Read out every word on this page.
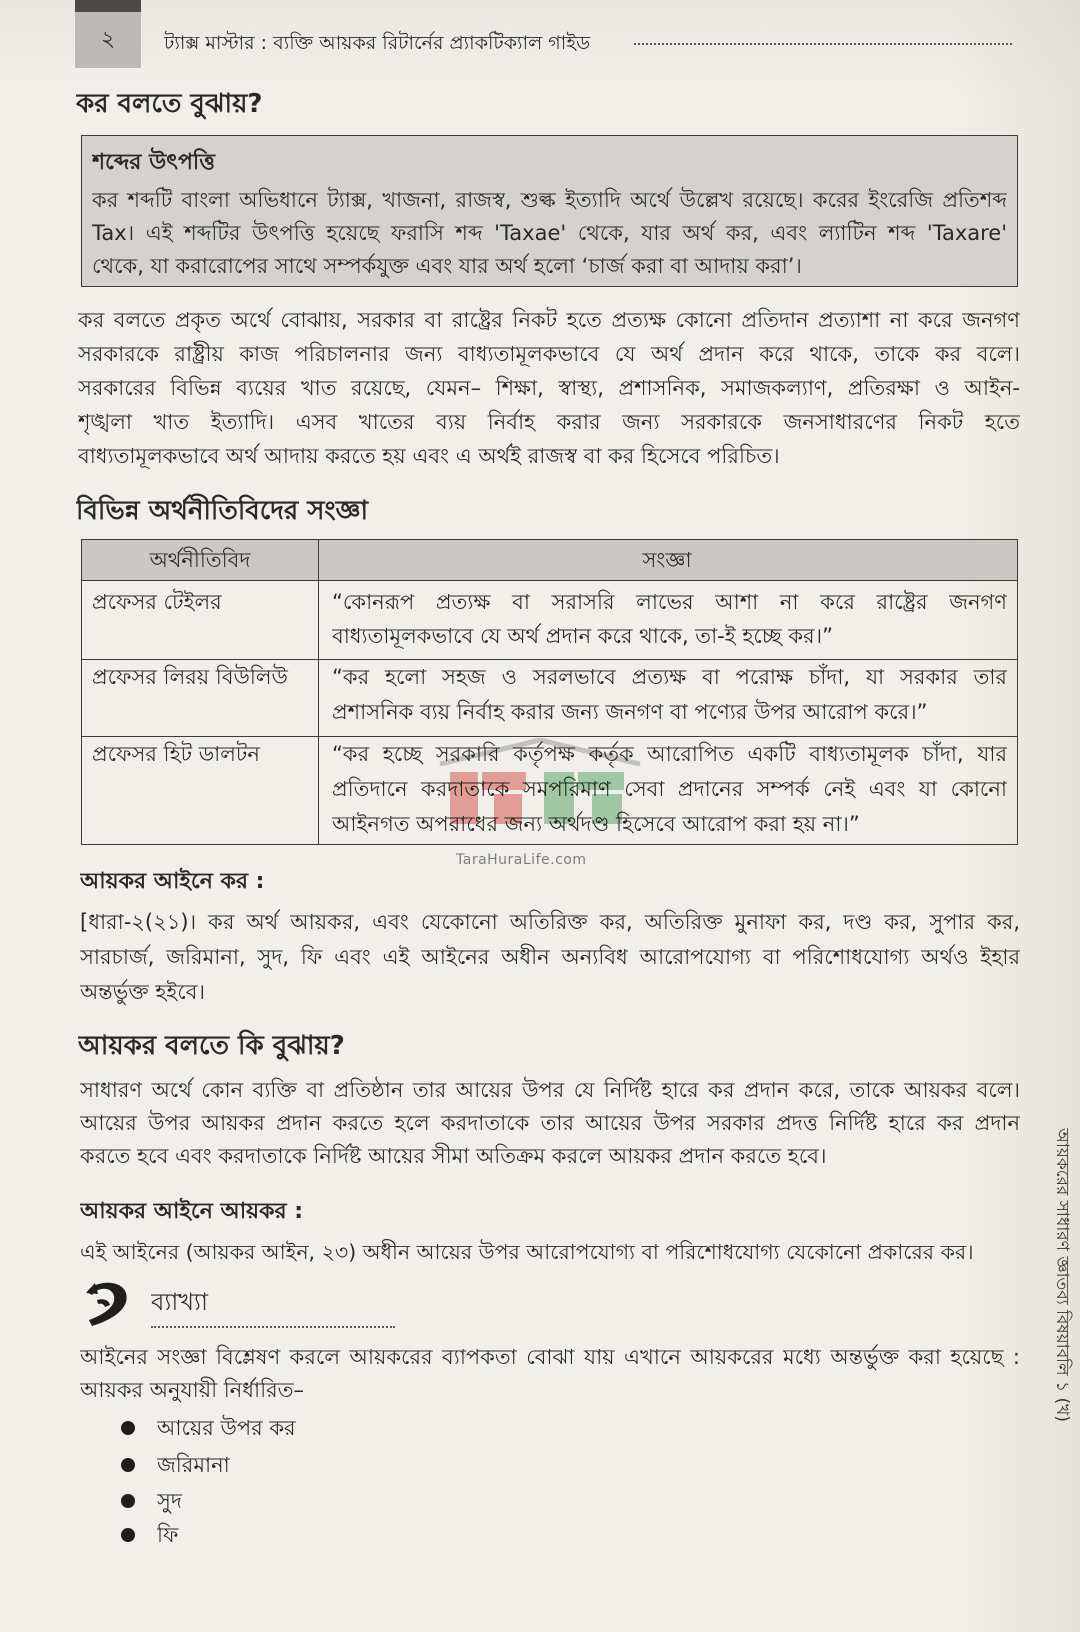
২	ট্যাক্স মাস্টার : ব্যক্তি আয়কর রিটার্নের প্র্যাকটিক্যাল গাইড
কর বলতে বুঝায়?
শব্দের উৎপত্তি
কর শব্দটি বাংলা অভিধানে ট্যাক্স, খাজনা, রাজস্ব, শুল্ক ইত্যাদি অর্থে উল্লেখ রয়েছে। করের ইংরেজি প্রতিশব্দ
Tax। এই শব্দটির উৎপত্তি হয়েছে ফরাসি শব্দ 'Taxae' থেকে, যার অর্থ কর, এবং ল্যাটিন শব্দ 'Taxare'
থেকে, যা করারোপের সাথে সম্পর্কযুক্ত এবং যার অর্থ হলো ‘চার্জ করা বা আদায় করা’।
কর বলতে প্রকৃত অর্থে বোঝায়, সরকার বা রাষ্ট্রের নিকট হতে প্রত্যক্ষ কোনো প্রতিদান প্রত্যাশা না করে জনগণ
সরকারকে রাষ্ট্রীয় কাজ পরিচালনার জন্য বাধ্যতামূলকভাবে যে অর্থ প্রদান করে থাকে, তাকে কর বলে।
সরকারের বিভিন্ন ব্যয়ের খাত রয়েছে, যেমন– শিক্ষা, স্বাস্থ্য, প্রশাসনিক, সমাজকল্যাণ, প্রতিরক্ষা ও আইন-
শৃঙ্খলা খাত ইত্যাদি। এসব খাতের ব্যয় নির্বাহ করার জন্য সরকারকে জনসাধারণের নিকট হতে
বাধ্যতামূলকভাবে অর্থ আদায় করতে হয় এবং এ অর্থই রাজস্ব বা কর হিসেবে পরিচিত।
বিভিন্ন অর্থনীতিবিদের সংজ্ঞা
অর্থনীতিবিদ	সংজ্ঞা
প্রফেসর টেইলর	“কোনরূপ প্রত্যক্ষ বা সরাসরি লাভের আশা না করে রাষ্ট্রের জনগণ
বাধ্যতামূলকভাবে যে অর্থ প্রদান করে থাকে, তা-ই হচ্ছে কর।”
প্রফেসর লিরয় বিউলিউ	“কর হলো সহজ ও সরলভাবে প্রত্যক্ষ বা পরোক্ষ চাঁদা, যা সরকার তার
প্রশাসনিক ব্যয় নির্বাহ করার জন্য জনগণ বা পণ্যের উপর আরোপ করে।”
প্রফেসর হিট ডালটন	“কর হচ্ছে সরকারি কর্তৃপক্ষ কর্তৃক আরোপিত একটি বাধ্যতামূলক চাঁদা, যার
প্রতিদানে করদাতাকে সমপরিমাণ সেবা প্রদানের সম্পর্ক নেই এবং যা কোনো
আইনগত অপরাধের জন্য অর্থদণ্ড হিসেবে আরোপ করা হয় না।”
TaraHuraLife.com
আয়কর আইনে কর :
[ধারা-২(২১)। কর অর্থ আয়কর, এবং যেকোনো অতিরিক্ত কর, অতিরিক্ত মুনাফা কর, দণ্ড কর, সুপার কর,
সারচার্জ, জরিমানা, সুদ, ফি এবং এই আইনের অধীন অন্যবিধ আরোপযোগ্য বা পরিশোধযোগ্য অর্থও ইহার
অন্তর্ভুক্ত হইবে।
আয়কর বলতে কি বুঝায়?
সাধারণ অর্থে কোন ব্যক্তি বা প্রতিষ্ঠান তার আয়ের উপর যে নির্দিষ্ট হারে কর প্রদান করে, তাকে আয়কর বলে।
আয়ের উপর আয়কর প্রদান করতে হলে করদাতাকে তার আয়ের উপর সরকার প্রদত্ত নির্দিষ্ট হারে কর প্রদান
করতে হবে এবং করদাতাকে নির্দিষ্ট আয়ের সীমা অতিক্রম করলে আয়কর প্রদান করতে হবে।
আয়কর আইনে আয়কর :
এই আইনের (আয়কর আইন, ২৩) অধীন আয়ের উপর আরোপযোগ্য বা পরিশোধযোগ্য যেকোনো প্রকারের কর।
ব্যাখ্যা
আইনের সংজ্ঞা বিশ্লেষণ করলে আয়করের ব্যাপকতা বোঝা যায় এখানে আয়করের মধ্যে অন্তর্ভুক্ত করা হয়েছে :
আয়কর অনুযায়ী নির্ধারিত–
আয়ের উপর কর
জরিমানা
সুদ
ফি
আয়করের সাধারণ জ্ঞাতব্য বিষয়াবলি ১ (খ)
